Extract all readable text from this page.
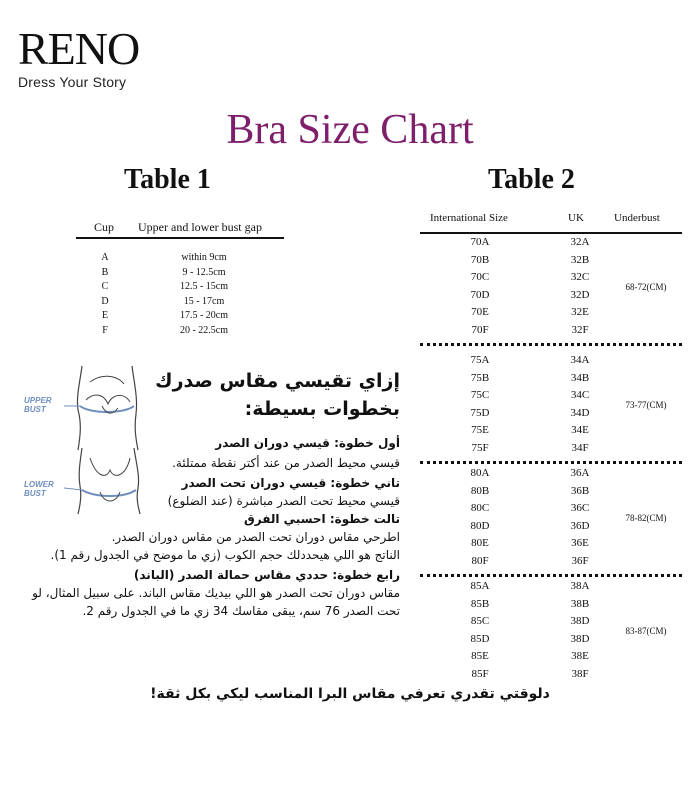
RENO
Dress Your Story
Bra Size Chart
Table 1	Table 2
Cup Upper and lower bust gap
A	within 9cm
B	9 - 12.5cm
C	12.5 - 15cm
D	15 - 17cm
E	17.5 - 20cm
F	20 - 22.5cm
International Size	UK	Underbust
70A	32A
70B	32B
70C	32C
70D	32D
70E	32E
70F	32F
68-72(CM)
75A	34A
75B	34B
75C	34C
75D	34D
75E	34E
75F	34F
73-77(CM)
80A	36A
80B	36B
80C	36C
80D	36D
80E	36E
80F	36F
78-82(CM)
85A	38A
85B	38B
85C	38D
85D	38D
85E	38E
85F	38F
83-87(CM)
UPPER BUST
LOWER BUST
إزاي تقيسي مقاس صدرك
بخطوات بسيطة:
أول خطوة: قيسي دوران الصدر
قيسي محيط الصدر من عند أكتر نقطة ممتلئة.
تاني خطوة: قيسي دوران تحت الصدر
قيسي محيط تحت الصدر مباشرة (عند الضلوع)
تالت خطوة: احسبي الفرق
اطرحي مقاس دوران تحت الصدر من مقاس دوران الصدر.
الناتج هو اللي هيحددلك حجم الكوب (زي ما موضح في الجدول رقم 1).
رابع خطوة: حددي مقاس حمالة الصدر (الباند)
مقاس دوران تحت الصدر هو اللي بيديك مقاس الباند. على سبيل المثال، لو
تحت الصدر 76 سم، يبقى مقاسك 34 زي ما في الجدول رقم 2.
دلوقتي تقدري تعرفي مقاس البرا المناسب ليكي بكل ثقة!
